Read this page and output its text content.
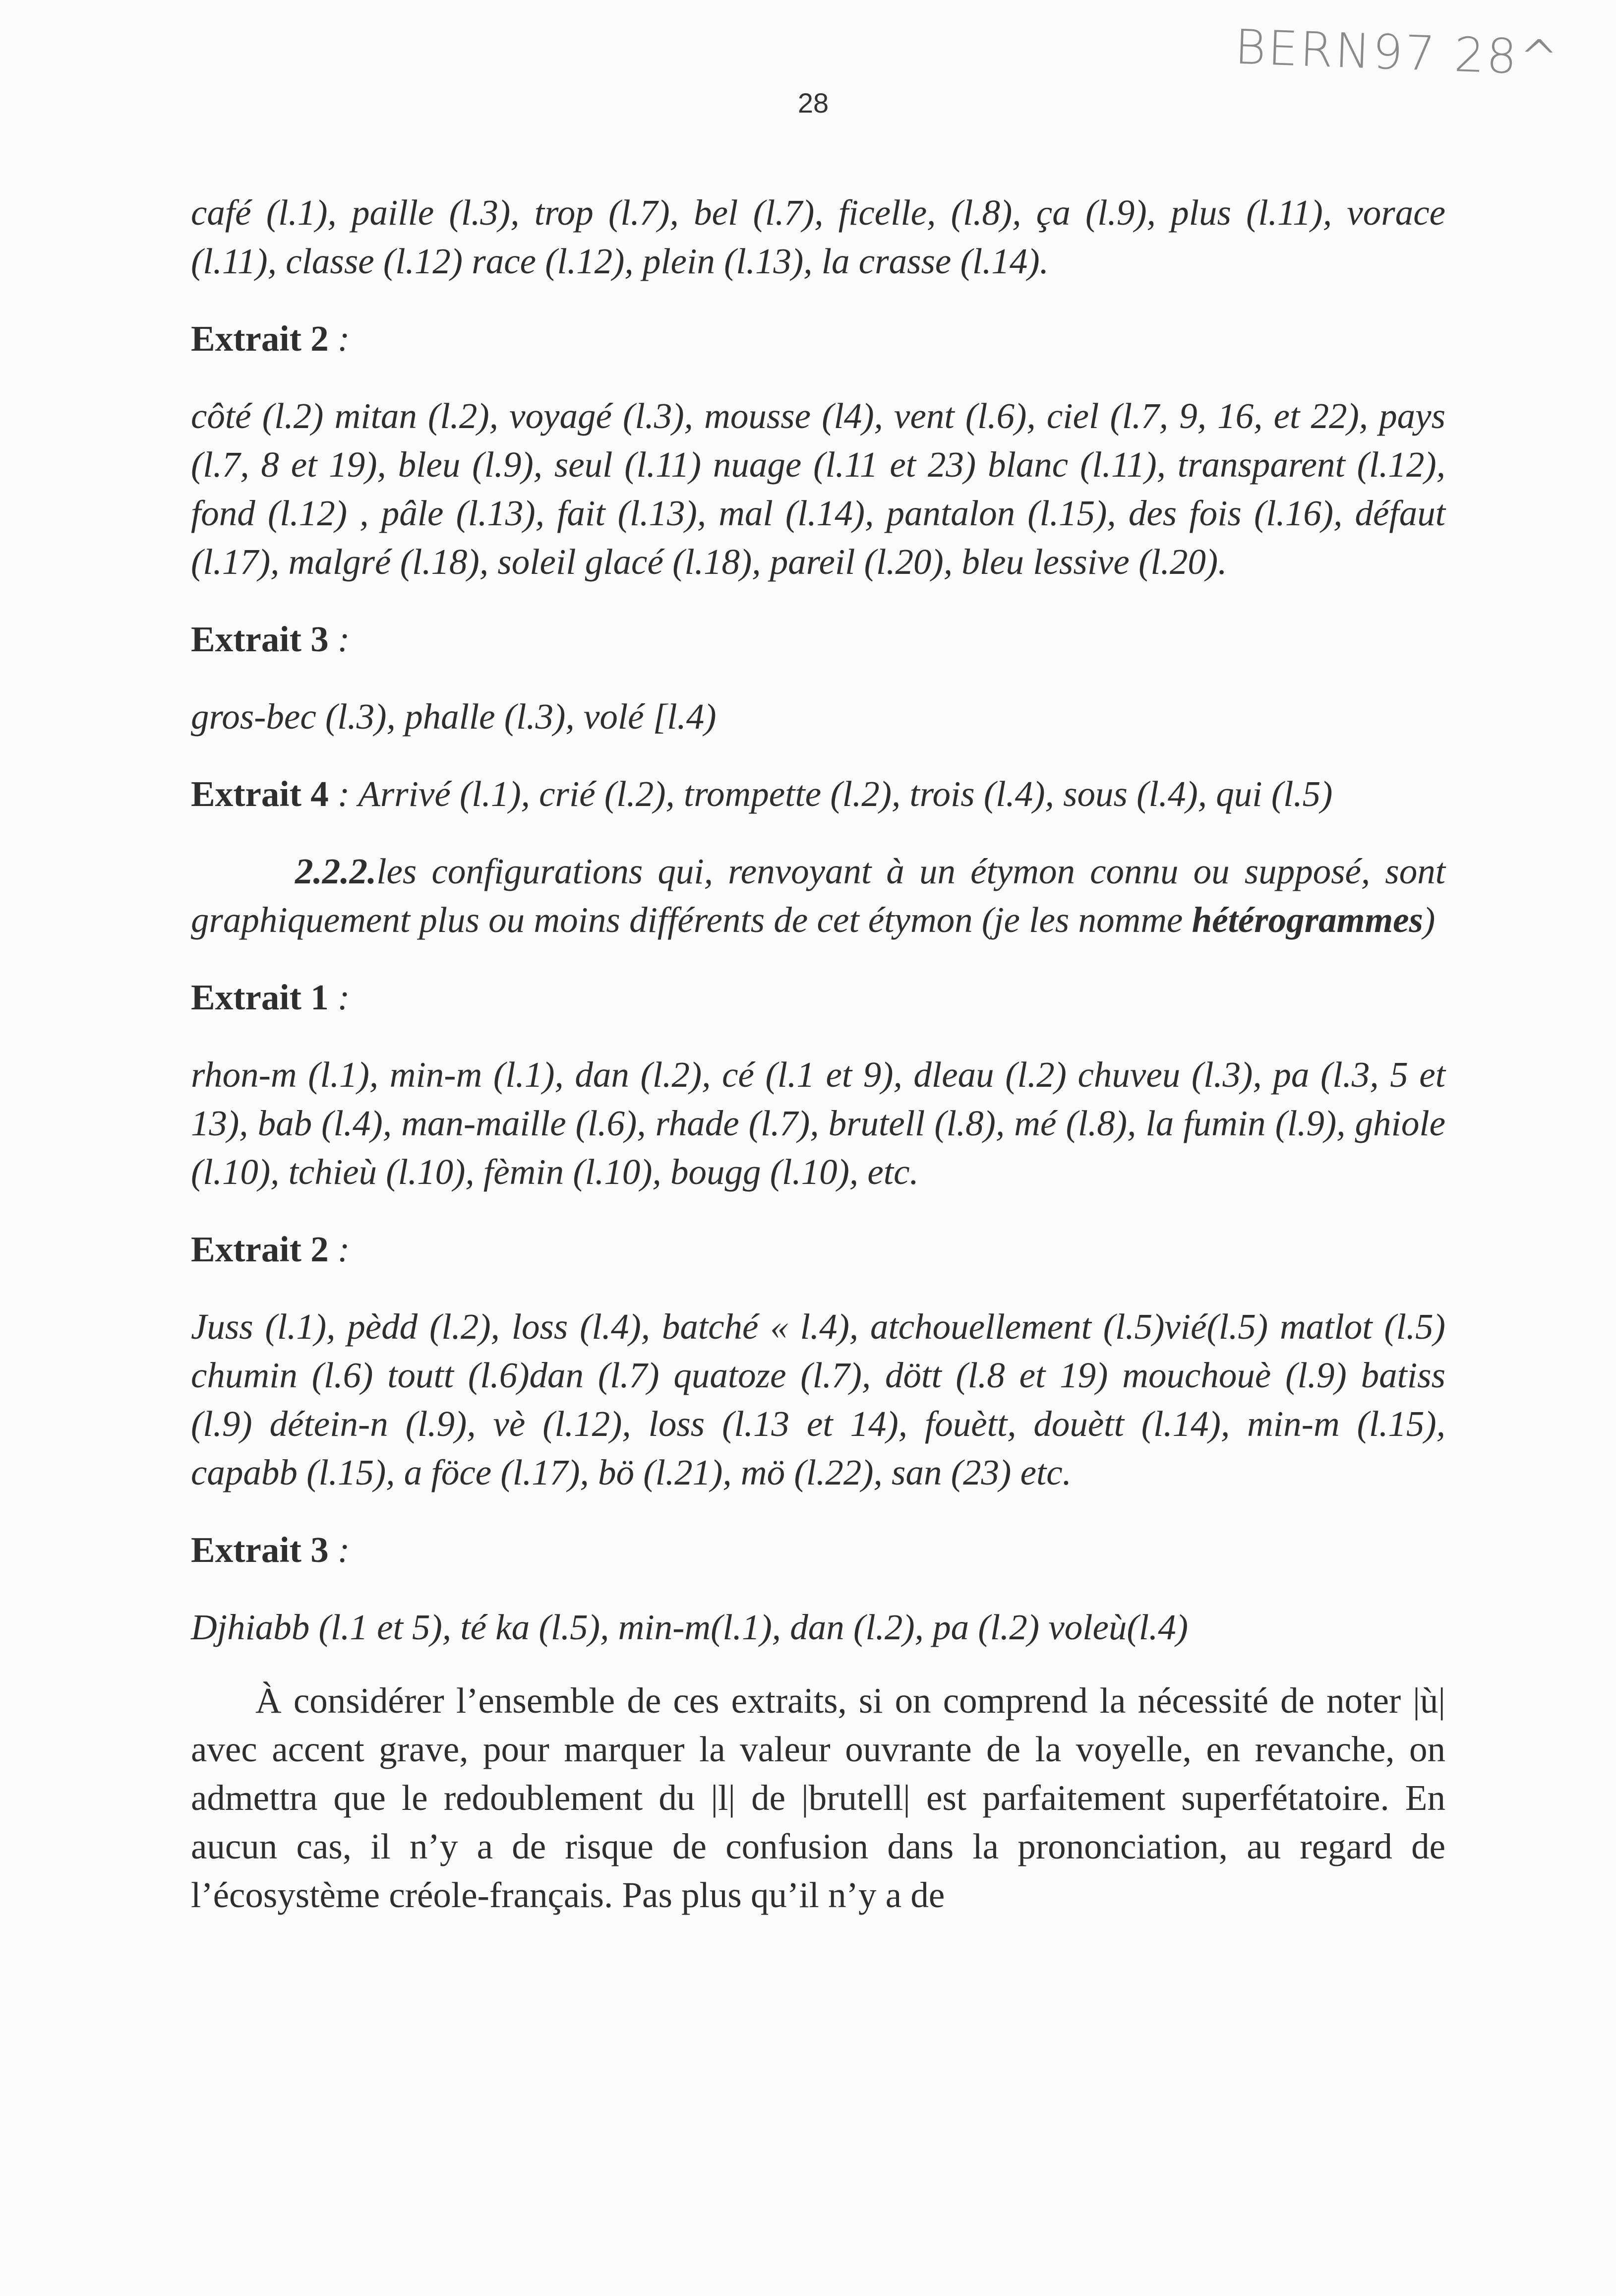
BERN97 28^
28

café (l.1), paille (l.3), trop (l.7), bel (l.7), ficelle, (l.8), ça (l.9), plus (l.11), vorace (l.11), classe (l.12) race (l.12), plein (l.13), la crasse (l.14).

Extrait 2 :

côté (l.2) mitan (l.2), voyagé (l.3), mousse (l4), vent (l.6), ciel (l.7, 9, 16, et 22), pays (l.7, 8 et 19), bleu (l.9), seul (l.11) nuage (l.11 et 23) blanc (l.11), transparent (l.12), fond (l.12) , pâle (l.13), fait (l.13), mal (l.14), pantalon (l.15), des fois (l.16), défaut (l.17), malgré (l.18), soleil glacé (l.18), pareil (l.20), bleu lessive (l.20).

Extrait 3 :

gros-bec (l.3), phalle (l.3), volé [l.4)

Extrait 4 : Arrivé (l.1), crié (l.2), trompette (l.2), trois (l.4), sous (l.4), qui (l.5)

2.2.2.les configurations qui, renvoyant à un étymon connu ou supposé, sont graphiquement plus ou moins différents de cet étymon (je les nomme hétérogrammes)

Extrait 1 :

rhon-m (l.1), min-m (l.1), dan (l.2), cé (l.1 et 9), dleau (l.2) chuveu (l.3), pa (l.3, 5 et 13), bab (l.4), man-maille (l.6), rhade (l.7), brutell (l.8), mé (l.8), la fumin (l.9), ghiole (l.10), tchieù (l.10), fèmin (l.10), bougg (l.10), etc.

Extrait 2 :

Juss (l.1), pèdd (l.2), loss (l.4), batché « l.4), atchouellement (l.5)vié(l.5) matlot (l.5) chumin (l.6) toutt (l.6)dan (l.7) quatoze (l.7), dött (l.8 et 19) mouchouè (l.9) batiss (l.9) détein-n (l.9), vè (l.12), loss (l.13 et 14), fouètt, douètt (l.14), min-m (l.15), capabb (l.15), a föce (l.17), bö (l.21), mö (l.22), san (23) etc.

Extrait 3 :

Djhiabb (l.1 et 5), té ka (l.5), min-m(l.1), dan (l.2), pa (l.2) voleù(l.4)

À considérer l’ensemble de ces extraits, si on comprend la nécessité de noter |ù| avec accent grave, pour marquer la valeur ouvrante de la voyelle, en revanche, on admettra que le redoublement du |l| de |brutell| est parfaitement superfétatoire. En aucun cas, il n’y a de risque de confusion dans la prononciation, au regard de l’écosystème créole-français. Pas plus qu’il n’y a de
